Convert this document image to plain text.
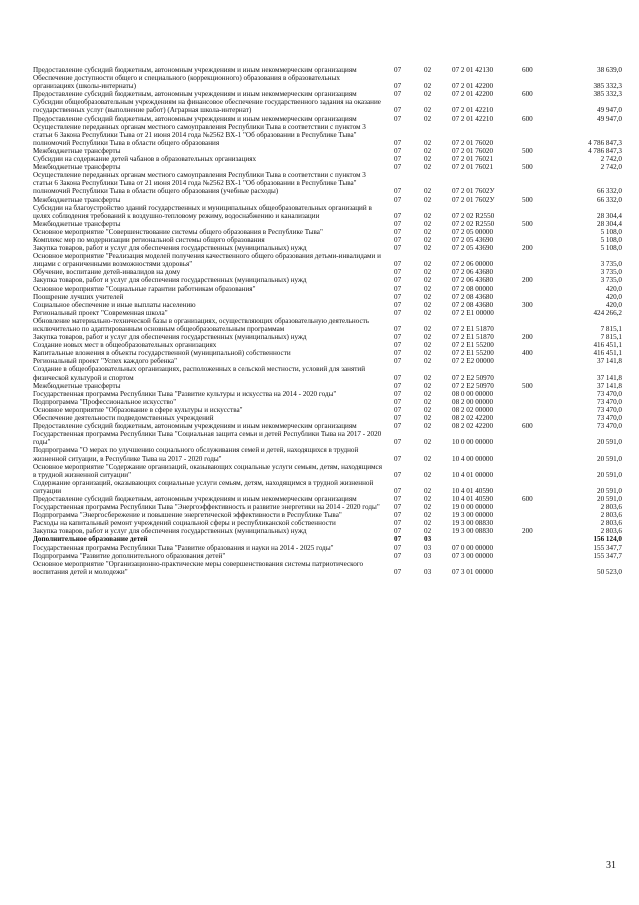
Предоставление субсидий бюджетным, автономным учреждениям и иным некоммерческим организациям	07	02	07 2 01 42130	600	38 639,0
Обеспечение доступности общего и специального (коррекционного) образования в образовательных организациях (школы-интернаты)	07	02	07 2 01 42200		385 332,3
Предоставление субсидий бюджетным, автономным учреждениям и иным некоммерческим организациям	07	02	07 2 01 42200	600	385 332,3
Субсидии общеобразовательным учреждениям на финансовое обеспечение государственного задания на оказание государственных услуг (выполнение работ) (Аграрная школа-интернат)	07	02	07 2 01 42210		49 947,0
Предоставление субсидий бюджетным, автономным учреждениям и иным некоммерческим организациям	07	02	07 2 01 42210	600	49 947,0
Осуществление переданных органам местного самоуправления Республики Тыва в соответствии с пунктом 3 статьи 6 Закона Республики Тыва от 21 июня 2014 года №2562 ВХ-1 "Об образовании в Республике Тыва" полномочий Республики Тыва в области общего образования	07	02	07 2 01 76020		4 786 847,3
Межбюджетные трансферты	07	02	07 2 01 76020	500	4 786 847,3
Субсидии на содержание детей чабанов в образовательных организациях	07	02	07 2 01 76021		2 742,0
Межбюджетные трансферты	07	02	07 2 01 76021	500	2 742,0
Осуществление переданных органам местного самоуправления Республики Тыва в соответствии с пунктом 3 статьи 6 Закона Республики Тыва от 21 июня 2014 года №2562 ВХ-1 "Об образовании в Республике Тыва" полномочий Республики Тыва в области общего образования (учебные расходы)	07	02	07 2 01 7602У		66 332,0
Межбюджетные трансферты	07	02	07 2 01 7602У	500	66 332,0
Субсидии на благоустройство зданий государственных и муниципальных общеобразовательных организаций в целях соблюдения требований к воздушно-тепловому режиму, водоснабжению и канализации	07	02	07 2 02 R2550		28 304,4
Межбюджетные трансферты	07	02	07 2 02 R2550	500	28 304,4
Основное мероприятие "Совершенствование системы общего образования в Республике Тыва"	07	02	07 2 05 00000		5 108,0
Комплекс мер по модернизации региональной системы общего образования	07	02	07 2 05 43690		5 108,0
Закупка товаров, работ и услуг для обеспечения государственных (муниципальных) нужд	07	02	07 2 05 43690	200	5 108,0
Основное мероприятие "Реализация моделей получения качественного общего образования детьми-инвалидами и лицами с ограниченными возможностями здоровья"	07	02	07 2 06 00000		3 735,0
Обучение, воспитание детей-инвалидов на дому	07	02	07 2 06 43680		3 735,0
Закупка товаров, работ и услуг для обеспечения государственных (муниципальных) нужд	07	02	07 2 06 43680	200	3 735,0
Основное мероприятие "Социальные гарантии работникам образования"	07	02	07 2 08 00000		420,0
Поощрение лучших учителей	07	02	07 2 08 43680		420,0
Социальное обеспечение и иные выплаты населению	07	02	07 2 08 43680	300	420,0
Региональный проект "Современная школа"	07	02	07 2 E1 00000		424 266,2
Обновление материально-технической базы в организациях, осуществляющих образовательную деятельность исключительно по адаптированным основным общеобразовательным программам	07	02	07 2 E1 51870		7 815,1
Закупка товаров, работ и услуг для обеспечения государственных (муниципальных) нужд	07	02	07 2 E1 51870	200	7 815,1
Создание новых мест в общеобразовательных организациях	07	02	07 2 E1 55200		416 451,1
Капитальные вложения в объекты государственной (муниципальной) собственности	07	02	07 2 E1 55200	400	416 451,1
Региональный проект "Успех каждого ребенка"	07	02	07 2 E2 00000		37 141,8
Создание в общеобразовательных организациях, расположенных в сельской местности, условий для занятий физической культурой и спортом	07	02	07 2 E2 50970		37 141,8
Межбюджетные трансферты	07	02	07 2 E2 50970	500	37 141,8
Государственная программа Республики Тыва "Развитие культуры и искусства на 2014 - 2020 годы"	07	02	08 0 00 00000		73 470,0
Подпрограмма "Профессиональное искусство"	07	02	08 2 00 00000		73 470,0
Основное мероприятие "Образование в сфере культуры и искусства"	07	02	08 2 02 00000		73 470,0
Обеспечение деятельности подведомственных учреждений	07	02	08 2 02 42200		73 470,0
Предоставление субсидий бюджетным, автономным учреждениям и иным некоммерческим организациям	07	02	08 2 02 42200	600	73 470,0
Государственная программа Республики Тыва "Социальная защита семьи и детей Республики Тыва на 2017 - 2020 годы"	07	02	10 0 00 00000		20 591,0
Подпрограмма "О мерах по улучшению социального обслуживания семей и детей, находящихся в трудной жизненной ситуации, в Республике Тыва на 2017 - 2020 годы"	07	02	10 4 00 00000		20 591,0
Основное мероприятие "Содержание организаций, оказывающих социальные услуги семьям, детям, находящимся в трудной жизненной ситуации"	07	02	10 4 01 00000		20 591,0
Содержание организаций, оказывающих социальные услуги семьям, детям, находящимся в трудной жизненной ситуации	07	02	10 4 01 40590		20 591,0
Предоставление субсидий бюджетным, автономным учреждениям и иным некоммерческим организациям	07	02	10 4 01 40590	600	20 591,0
Государственная программа Республики Тыва "Энергоэффективность и развитие энергетики на 2014 - 2020 годы"	07	02	19 0 00 00000		2 803,6
Подпрограмма "Энергосбережение и повышение энергетической эффективности в Республике Тыва"	07	02	19 3 00 00000		2 803,6
Расходы на капитальный ремонт учреждений социальной сферы и республиканской собственности	07	02	19 3 00 08830		2 803,6
Закупка товаров, работ и услуг для обеспечения государственных (муниципальных) нужд	07	02	19 3 00 08830	200	2 803,6
Дополнительное образование детей	07	03			156 124,0
Государственная программа Республики Тыва "Развитие образования и науки на 2014 - 2025 годы"	07	03	07 0 00 00000		155 347,7
Подпрограмма "Развитие дополнительного образования детей"	07	03	07 3 00 00000		155 347,7
Основное мероприятие "Организационно-практические меры совершенствования системы патриотического воспитания детей и молодежи"	07	03	07 3 01 00000		50 523,0
31
